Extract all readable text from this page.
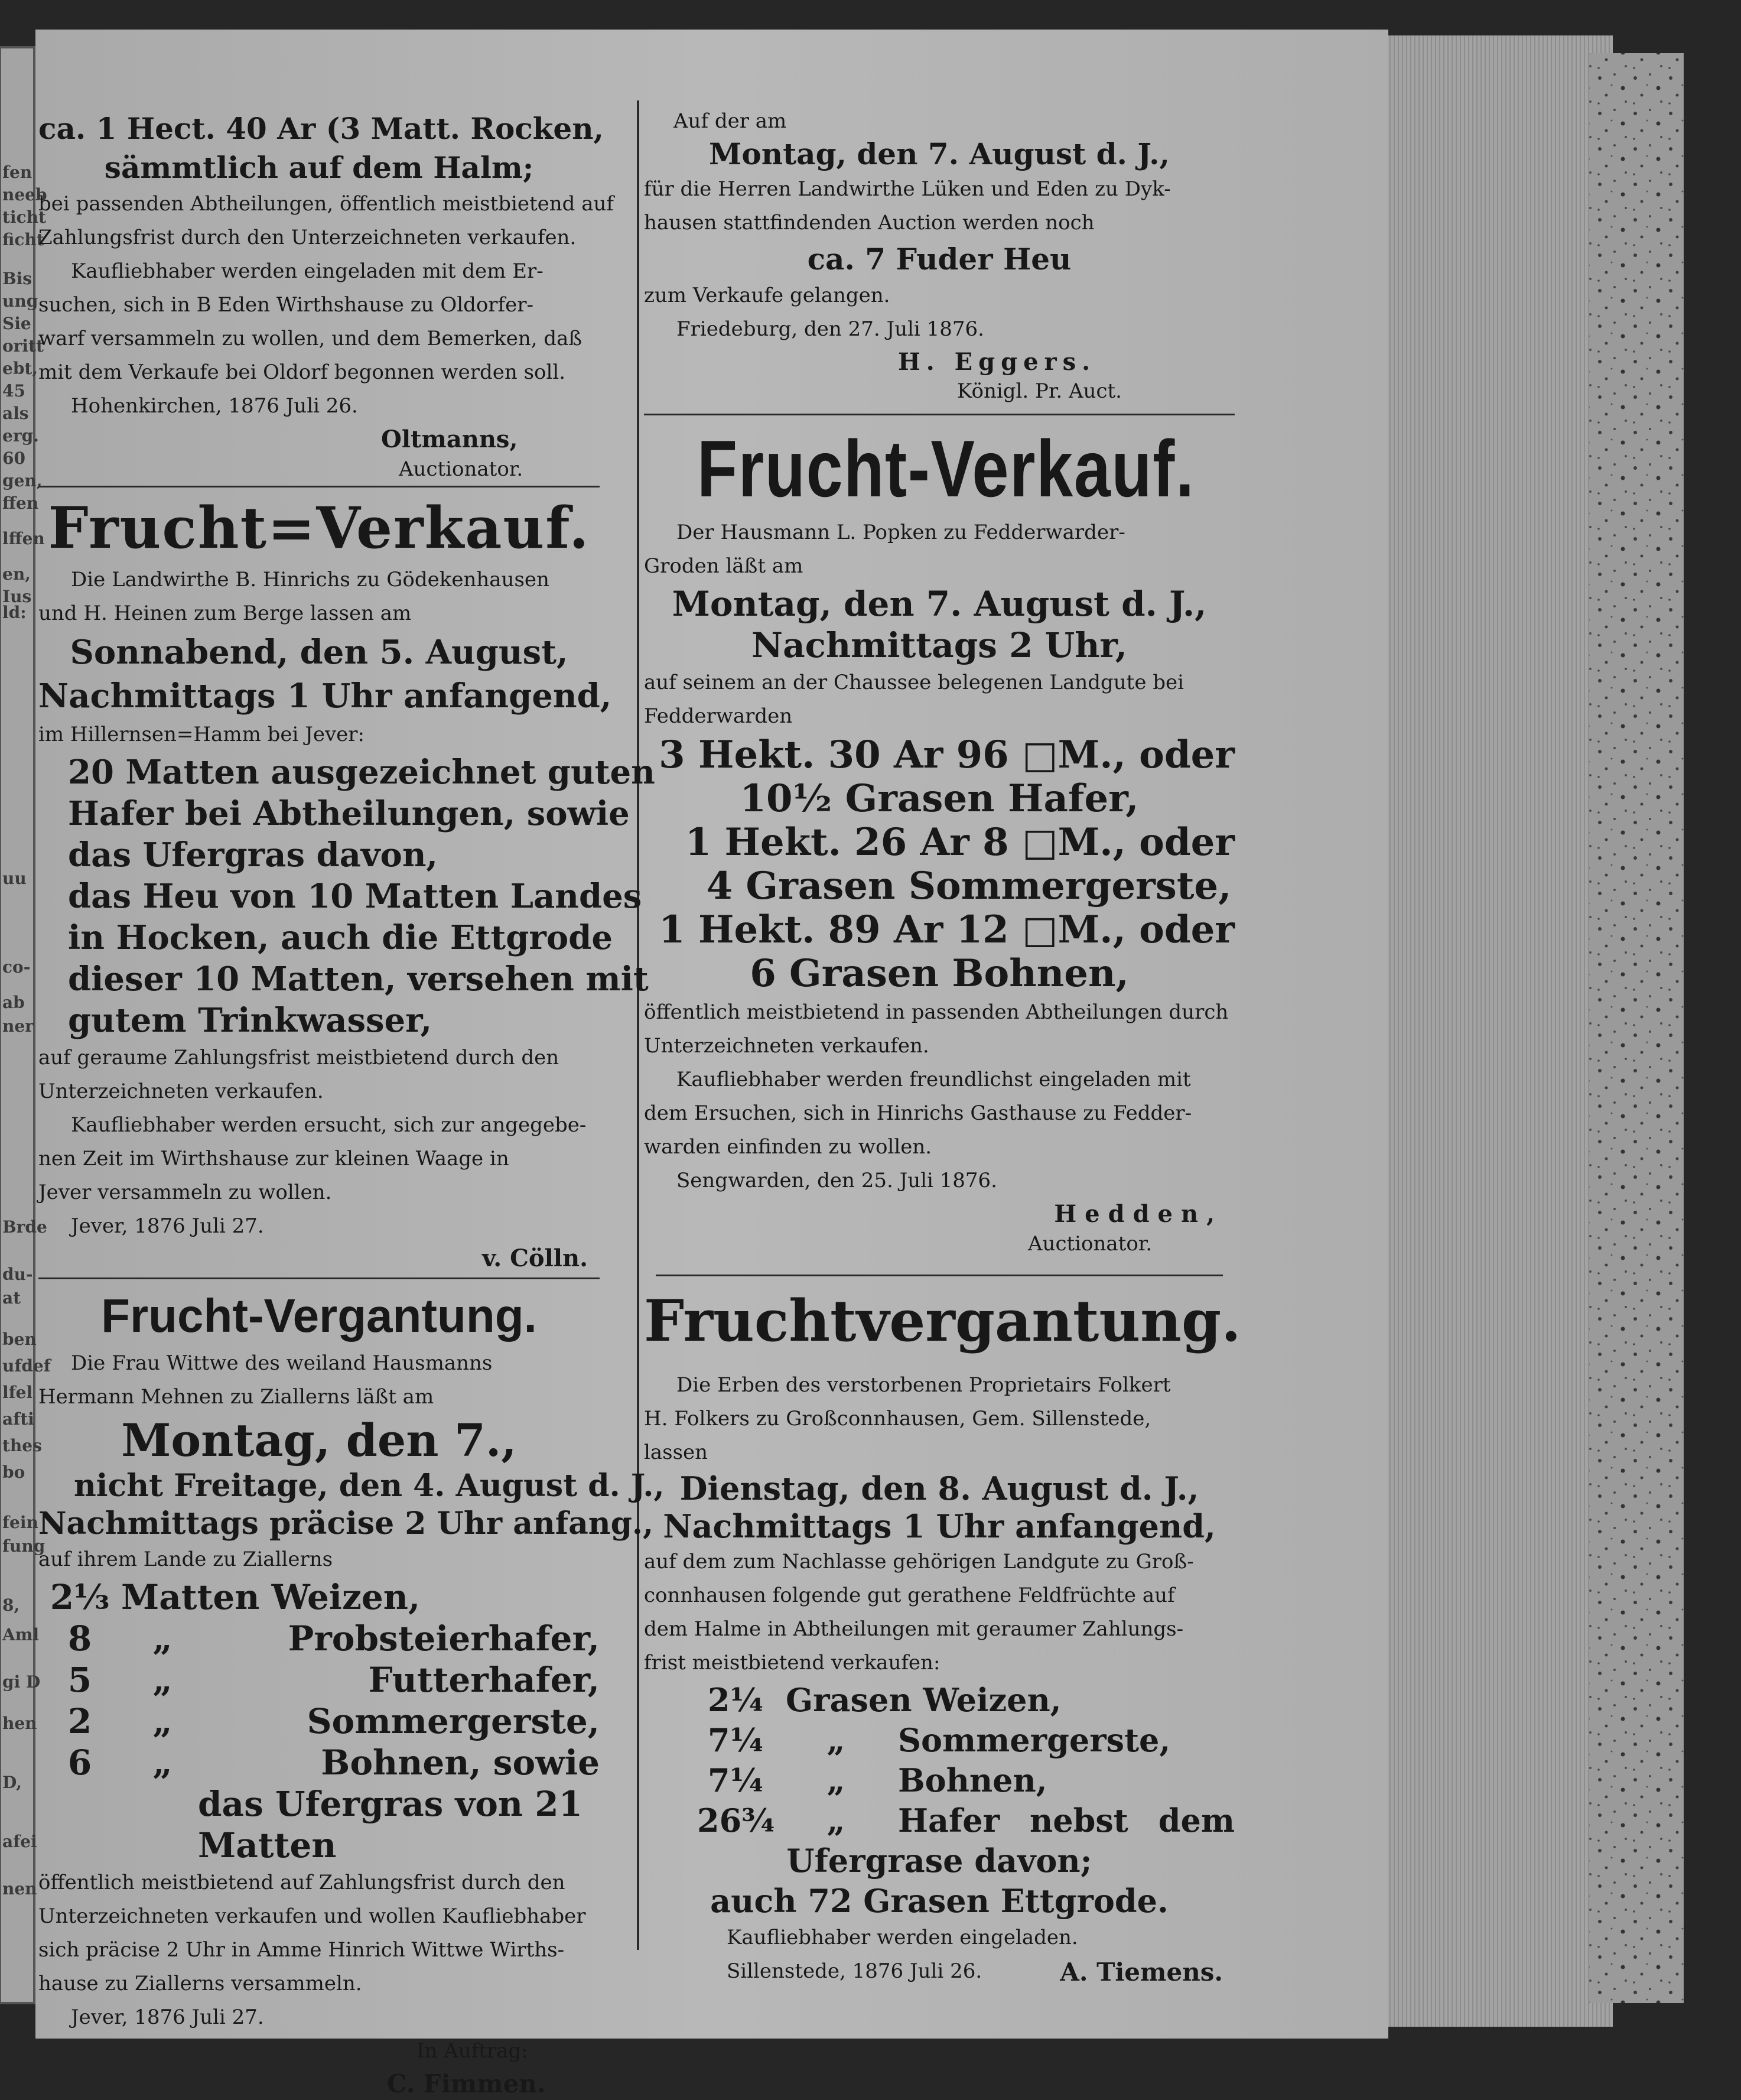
fen
neeb
ticht
ficht
Bis
ung
Sie
oritt
ebt,
45
als
erg.
60
gen,
ffen
lffen
en,
Ius
ld:
uu
co-
ab
ner
Brde
du-
at
ben
ufdef
lfel
afti
thes
bo
fein
fung
8,
Aml
gi D
hen
D,
afei
nen

ca. 1 Hect. 40 Ar (3 Matt. Rocken,

sämmtlich auf dem Halm;

bei passenden Abtheilungen, öffentlich meistbietend auf

Zahlungsfrist durch den Unterzeichneten verkaufen.

Kaufliebhaber werden eingeladen mit dem Er-

suchen, sich in B Eden Wirthshause zu Oldorfer-

warf versammeln zu wollen, und dem Bemerken, daß

mit dem Verkaufe bei Oldorf begonnen werden soll.

Hohenkirchen, 1876 Juli 26.

Oltmanns,

Auctionator.

Frucht=Verkauf.

Die Landwirthe B. Hinrichs zu Gödekenhausen

und H. Heinen zum Berge lassen am

Sonnabend, den 5. August,

Nachmittags 1 Uhr anfangend,

im Hillernsen=Hamm bei Jever:

20 Matten ausgezeichnet guten

Hafer bei Abtheilungen, sowie

das Ufergras davon,

das Heu von 10 Matten Landes

in Hocken, auch die Ettgrode

dieser 10 Matten, versehen mit

gutem Trinkwasser,

auf geraume Zahlungsfrist meistbietend durch den

Unterzeichneten verkaufen.

Kaufliebhaber werden ersucht, sich zur angegebe-

nen Zeit im Wirthshause zur kleinen Waage in

Jever versammeln zu wollen.

Jever, 1876 Juli 27.

v. Cölln.

Frucht-Vergantung.

Die Frau Wittwe des weiland Hausmanns

Hermann Mehnen zu Ziallerns läßt am

Montag, den 7.,

nicht Freitage, den 4. August d. J.,

Nachmittags präcise 2 Uhr anfang.,

auf ihrem Lande zu Ziallerns

2⅓ Matten Weizen,
8	„	Probsteierhafer,
5	„	Futterhafer,
2	„	Sommergerste,
6	„	Bohnen, sowie

das Ufergras von 21

Matten

öffentlich meistbietend auf Zahlungsfrist durch den

Unterzeichneten verkaufen und wollen Kaufliebhaber

sich präcise 2 Uhr in Amme Hinrich Wittwe Wirths-

hause zu Ziallerns versammeln.

Jever, 1876 Juli 27.

In Auftrag:

C. Fimmen.

Auf der am

Montag, den 7. August d. J.,

für die Herren Landwirthe Lüken und Eden zu Dyk-

hausen stattfindenden Auction werden noch

ca. 7 Fuder Heu

zum Verkaufe gelangen.

Friedeburg, den 27. Juli 1876.

H. Eggers.

Königl. Pr. Auct.

Frucht-Verkauf.

Der Hausmann L. Popken zu Fedderwarder-

Groden läßt am

Montag, den 7. August d. J.,

Nachmittags 2 Uhr,

auf seinem an der Chaussee belegenen Landgute bei

Fedderwarden

3 Hekt. 30 Ar 96 □M., oder

10½ Grasen Hafer,

1 Hekt. 26 Ar 8 □M., oder

4 Grasen Sommergerste,

1 Hekt. 89 Ar 12 □M., oder

6 Grasen Bohnen,

öffentlich meistbietend in passenden Abtheilungen durch

Unterzeichneten verkaufen.

Kaufliebhaber werden freundlichst eingeladen mit

dem Ersuchen, sich in Hinrichs Gasthause zu Fedder-

warden einfinden zu wollen.

Sengwarden, den 25. Juli 1876.

Hedden,

Auctionator.

Fruchtvergantung.

Die Erben des verstorbenen Proprietairs Folkert

H. Folkers zu Großconnhausen, Gem. Sillenstede,

lassen

Dienstag, den 8. August d. J.,

Nachmittags 1 Uhr anfangend,

auf dem zum Nachlasse gehörigen Landgute zu Groß-

connhausen folgende gut gerathene Feldfrüchte auf

dem Halme in Abtheilungen mit geraumer Zahlungs-

frist meistbietend verkaufen:

2¼ Grasen Weizen,
7¼	„	Sommergerste,
7¼	„	Bohnen,
26¾	„	Hafer nebst dem

Ufergrase davon;

auch 72 Grasen Ettgrode.

Kaufliebhaber werden eingeladen.

Sillenstede, 1876 Juli 26.	A. Tiemens.
